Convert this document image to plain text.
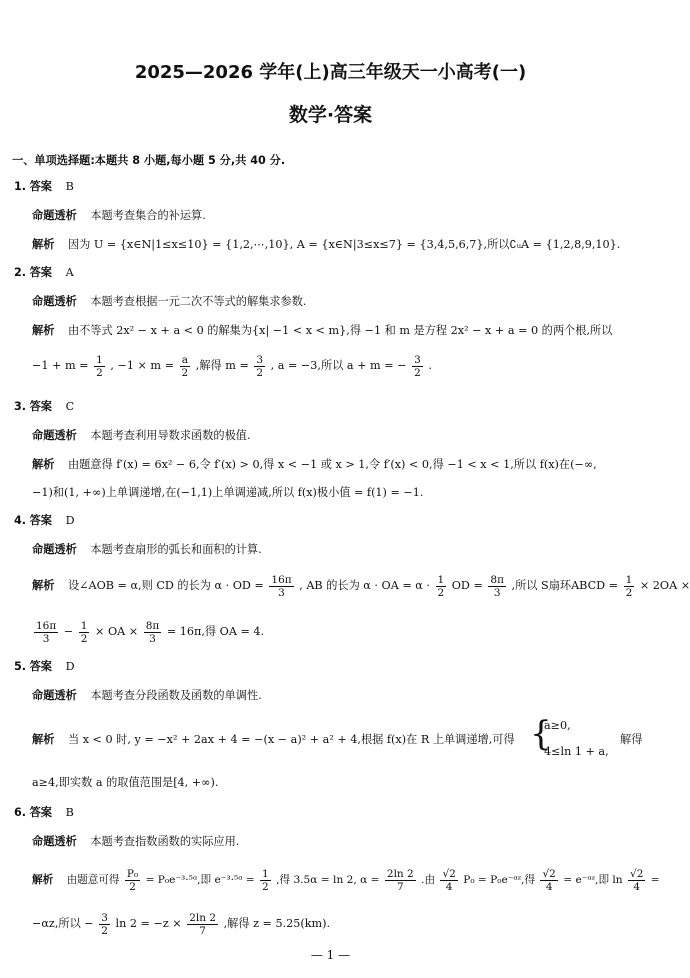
2025—2026 学年(上)高三年级天一小高考(一)
数学·答案
一、单项选择题:本题共 8 小题,每小题 5 分,共 40 分.
1. 答案 B
命题透析 本题考查集合的补运算.
解析 因为 U = {x∈N|1≤x≤10} = {1,2,⋯,10}, A = {x∈N|3≤x≤7} = {3,4,5,6,7},所以∁ᵤA = {1,2,8,9,10}.
2. 答案 A
命题透析 本题考查根据一元二次不等式的解集求参数.
解析 由不等式 2x² − x + a < 0 的解集为{x| −1 < x < m},得 −1 和 m 是方程 2x² − x + a = 0 的两个根,所以
$-1 + m = \frac{1}{2}$ , $-1 \times m = \frac{a}{2}$ ,解得 $m = \frac{3}{2}$ , a = −3,所以 a + m = − $\frac{3}{2}$ .
3. 答案 C
命题透析 本题考查利用导数求函数的极值.
解析 由题意得 f′(x) = 6x² − 6,令 f′(x) > 0,得 x < −1 或 x > 1,令 f′(x) < 0,得 −1 < x < 1,所以 f(x)在(−∞,
−1)和(1, +∞)上单调递增,在(−1,1)上单调递减,所以 f(x)极小值 = f(1) = −1.
4. 答案 D
命题透析 本题考查扇形的弧长和面积的计算.
解析 设∠AOB = α,则 CD 的长为 α · OD = $\frac{16\pi}{3}$ , AB 的长为 α · OA = $\alpha \cdot \frac{1}{2}$ OD = $\frac{8\pi}{3}$ ,所以 S扇环ABCD = $\frac{1}{2} \times 2OA$ ×
$\frac{16\pi}{3} - \frac{1}{2}$ × OA × $\frac{8\pi}{3} = 16\pi$,得 OA = 4.
5. 答案 D
命题透析 本题考查分段函数及函数的单调性.
解析 当 x < 0 时, y = −x² + 2ax + 4 = −(x − a)² + a² + 4,根据 f(x)在 R 上单调递增,可得 {
a≥0,
4≤ln 1 + a,
解得
a≥4,即实数 a 的取值范围是[4, +∞).
6. 答案 B
命题透析 本题考查指数函数的实际应用.
解析 由题意可得 $\frac{\text{P₀}}{2}$ = P₀e⁻³·⁵ᵅ,即 e⁻³·⁵ᵅ = $\frac{1}{2}$ ,得 3.5α = ln 2, $\alpha = \frac{2\ln 2}{7}$ .由 $\frac{√2}{4} P_0$ = P₀e⁻ᵅᶻ,得 $\frac{√2}{4}$ = e⁻ᵅᶻ,即 $\ln \frac{√2}{4}$ =
−αz,所以 − $\frac{3}{2}$ $\ln 2 = -z \times \frac{2\ln 2}{7}$ ,解得 z = 5.25(km).
— 1 —
